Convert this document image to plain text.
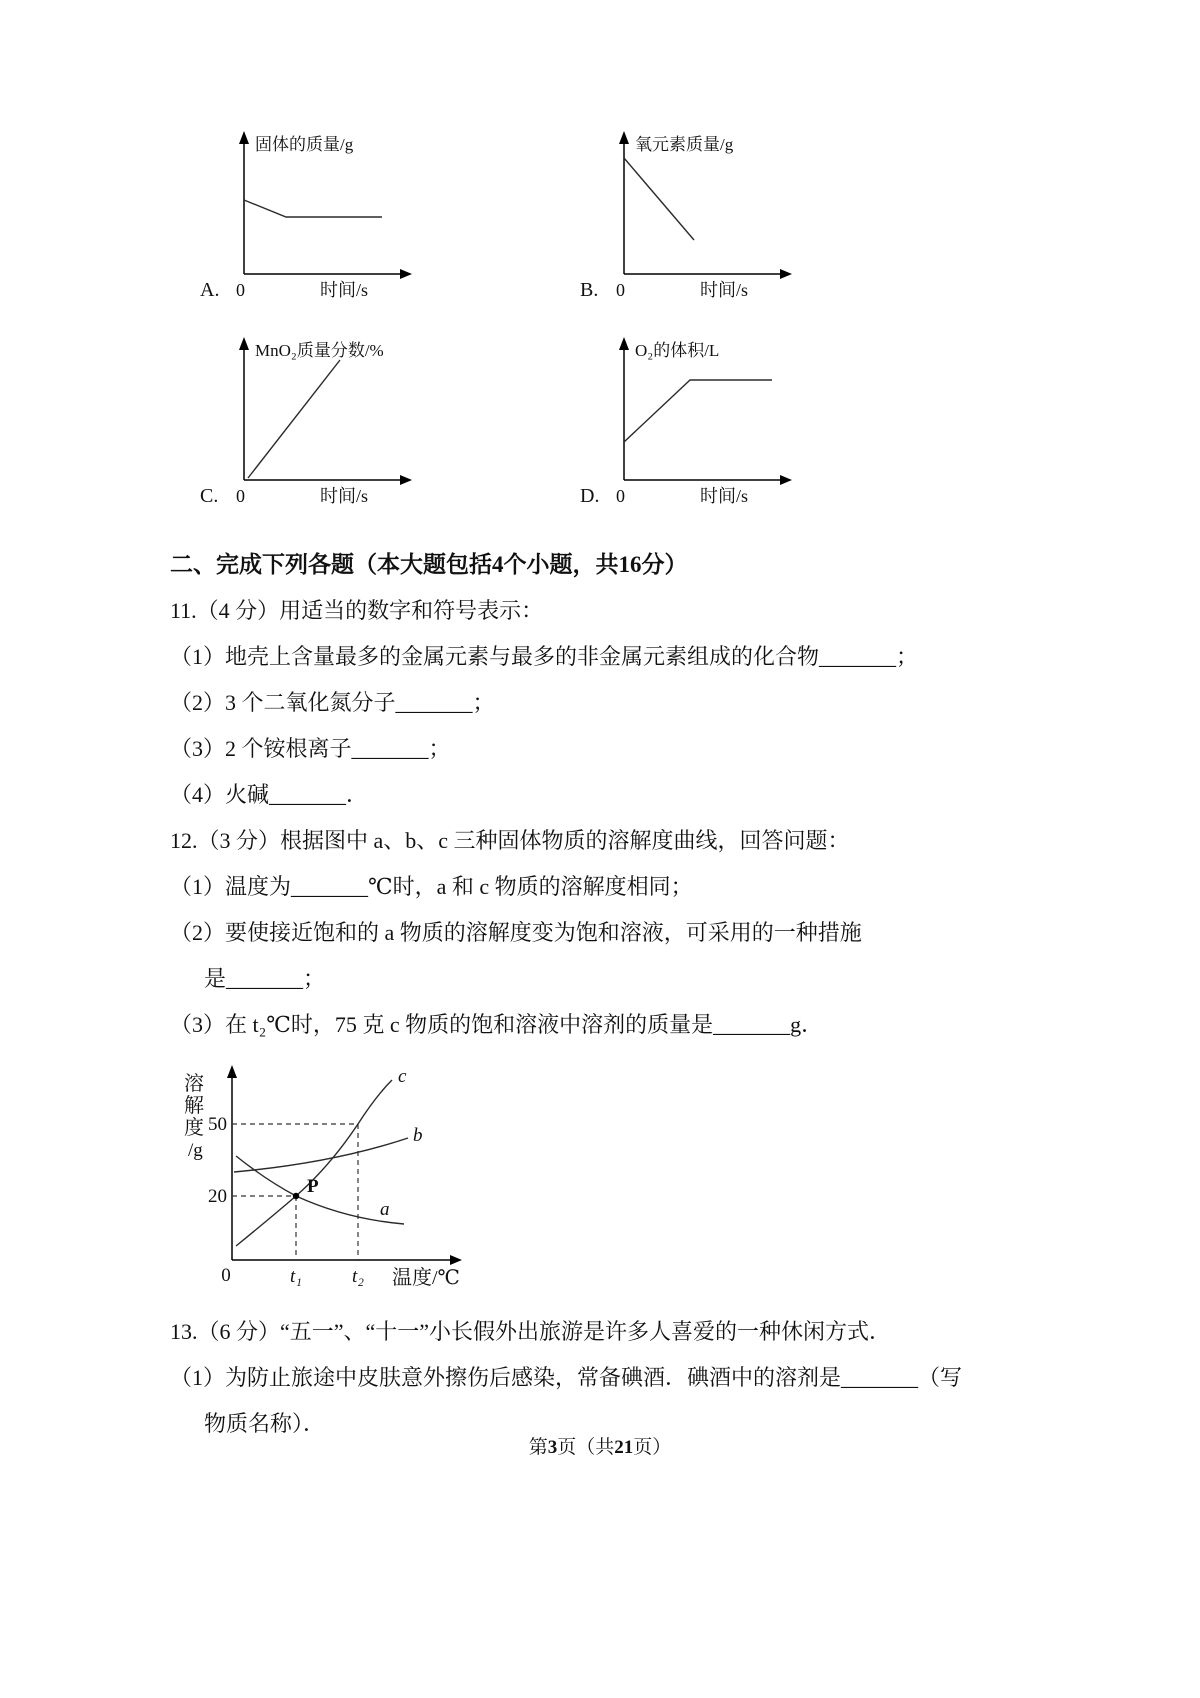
固体的质量/g
A. 0	时间/s
氧元素质量/g
B. 0	时间/s
MnO₂质量分数/%
C. 0	时间/s
O₂的体积/L
D. 0	时间/s
二、完成下列各题（本大题包括4个小题，共16分）

11.（4 分）用适当的数字和符号表示：

（1）地壳上含量最多的金属元素与最多的非金属元素组成的化合物_______；

（2）3 个二氧化氮分子_______；

（3）2 个铵根离子_______；

（4）火碱_______．

12.（3 分）根据图中 a、b、c 三种固体物质的溶解度曲线，回答问题：

（1）温度为_______℃时，a 和 c 物质的溶解度相同；

（2）要使接近饱和的 a 物质的溶解度变为饱和溶液，可采用的一种措施

是_______；

（3）在 t₂℃时，75 克 c 物质的饱和溶液中溶剂的质量是_______g．

P
c
b
a
溶
解
度
/g
50
20
0	t₁	t₂ 温度/℃

13.（6 分）“五一”、“十一”小长假外出旅游是许多人喜爱的一种休闲方式．

（1）为防止旅途中皮肤意外擦伤后感染，常备碘酒．碘酒中的溶剂是_______（写

物质名称）．

第3页（共21页）
